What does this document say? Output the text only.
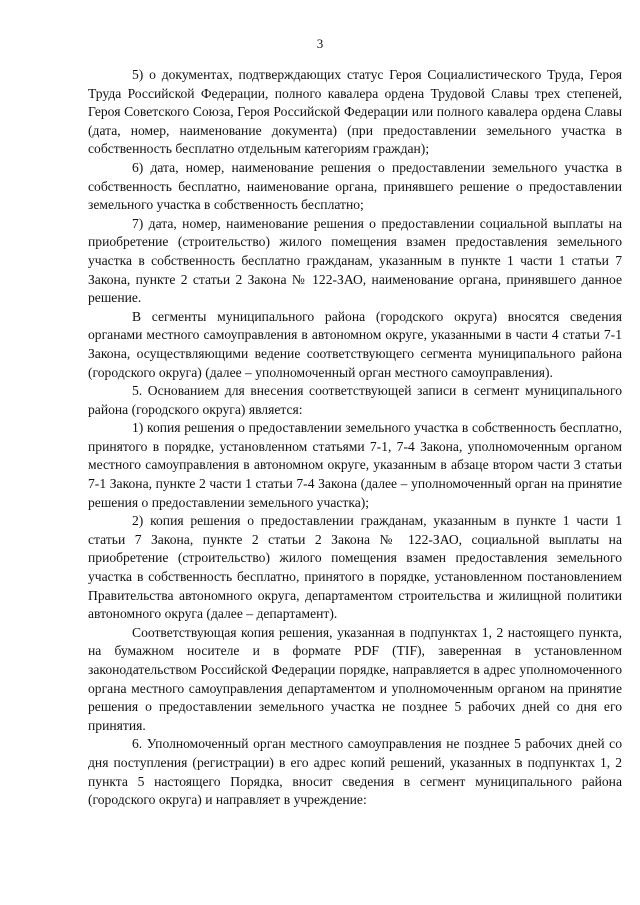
3

5) о документах, подтверждающих статус Героя Социалистического Труда, Героя Труда Российской Федерации, полного кавалера ордена Трудовой Славы трех степеней, Героя Советского Союза, Героя Российской Федерации или полного кавалера ордена Славы (дата, номер, наименование документа) (при предоставлении земельного участка в собственность бесплатно отдельным категориям граждан);

6) дата, номер, наименование решения о предоставлении земельного участка в собственность бесплатно, наименование органа, принявшего решение о предоставлении земельного участка в собственность бесплатно;

7) дата, номер, наименование решения о предоставлении социальной выплаты на приобретение (строительство) жилого помещения взамен предоставления земельного участка в собственность бесплатно гражданам, указанным в пункте 1 части 1 статьи 7 Закона, пункте 2 статьи 2 Закона № 122-ЗАО, наименование органа, принявшего данное решение.

В сегменты муниципального района (городского округа) вносятся сведения органами местного самоуправления в автономном округе, указанными в части 4 статьи 7-1 Закона, осуществляющими ведение соответствующего сегмента муниципального района (городского округа) (далее – уполномоченный орган местного самоуправления).

5. Основанием для внесения соответствующей записи в сегмент муниципального района (городского округа) является:

1) копия решения о предоставлении земельного участка в собственность бесплатно, принятого в порядке, установленном статьями 7-1, 7-4 Закона, уполномоченным органом местного самоуправления в автономном округе, указанным в абзаце втором части 3 статьи 7-1 Закона, пункте 2 части 1 статьи 7-4 Закона (далее – уполномоченный орган на принятие решения о предоставлении земельного участка);

2) копия решения о предоставлении гражданам, указанным в пункте 1 части 1 статьи 7 Закона, пункте 2 статьи 2 Закона № 122-ЗАО, социальной выплаты на приобретение (строительство) жилого помещения взамен предоставления земельного участка в собственность бесплатно, принятого в порядке, установленном постановлением Правительства автономного округа, департаментом строительства и жилищной политики автономного округа (далее – департамент).

Соответствующая копия решения, указанная в подпунктах 1, 2 настоящего пункта, на бумажном носителе и в формате PDF (TIF), заверенная в установленном законодательством Российской Федерации порядке, направляется в адрес уполномоченного органа местного самоуправления департаментом и уполномоченным органом на принятие решения о предоставлении земельного участка не позднее 5 рабочих дней со дня его принятия.

6. Уполномоченный орган местного самоуправления не позднее 5 рабочих дней со дня поступления (регистрации) в его адрес копий решений, указанных в подпунктах 1, 2 пункта 5 настоящего Порядка, вносит сведения в сегмент муниципального района (городского округа) и направляет в учреждение:
